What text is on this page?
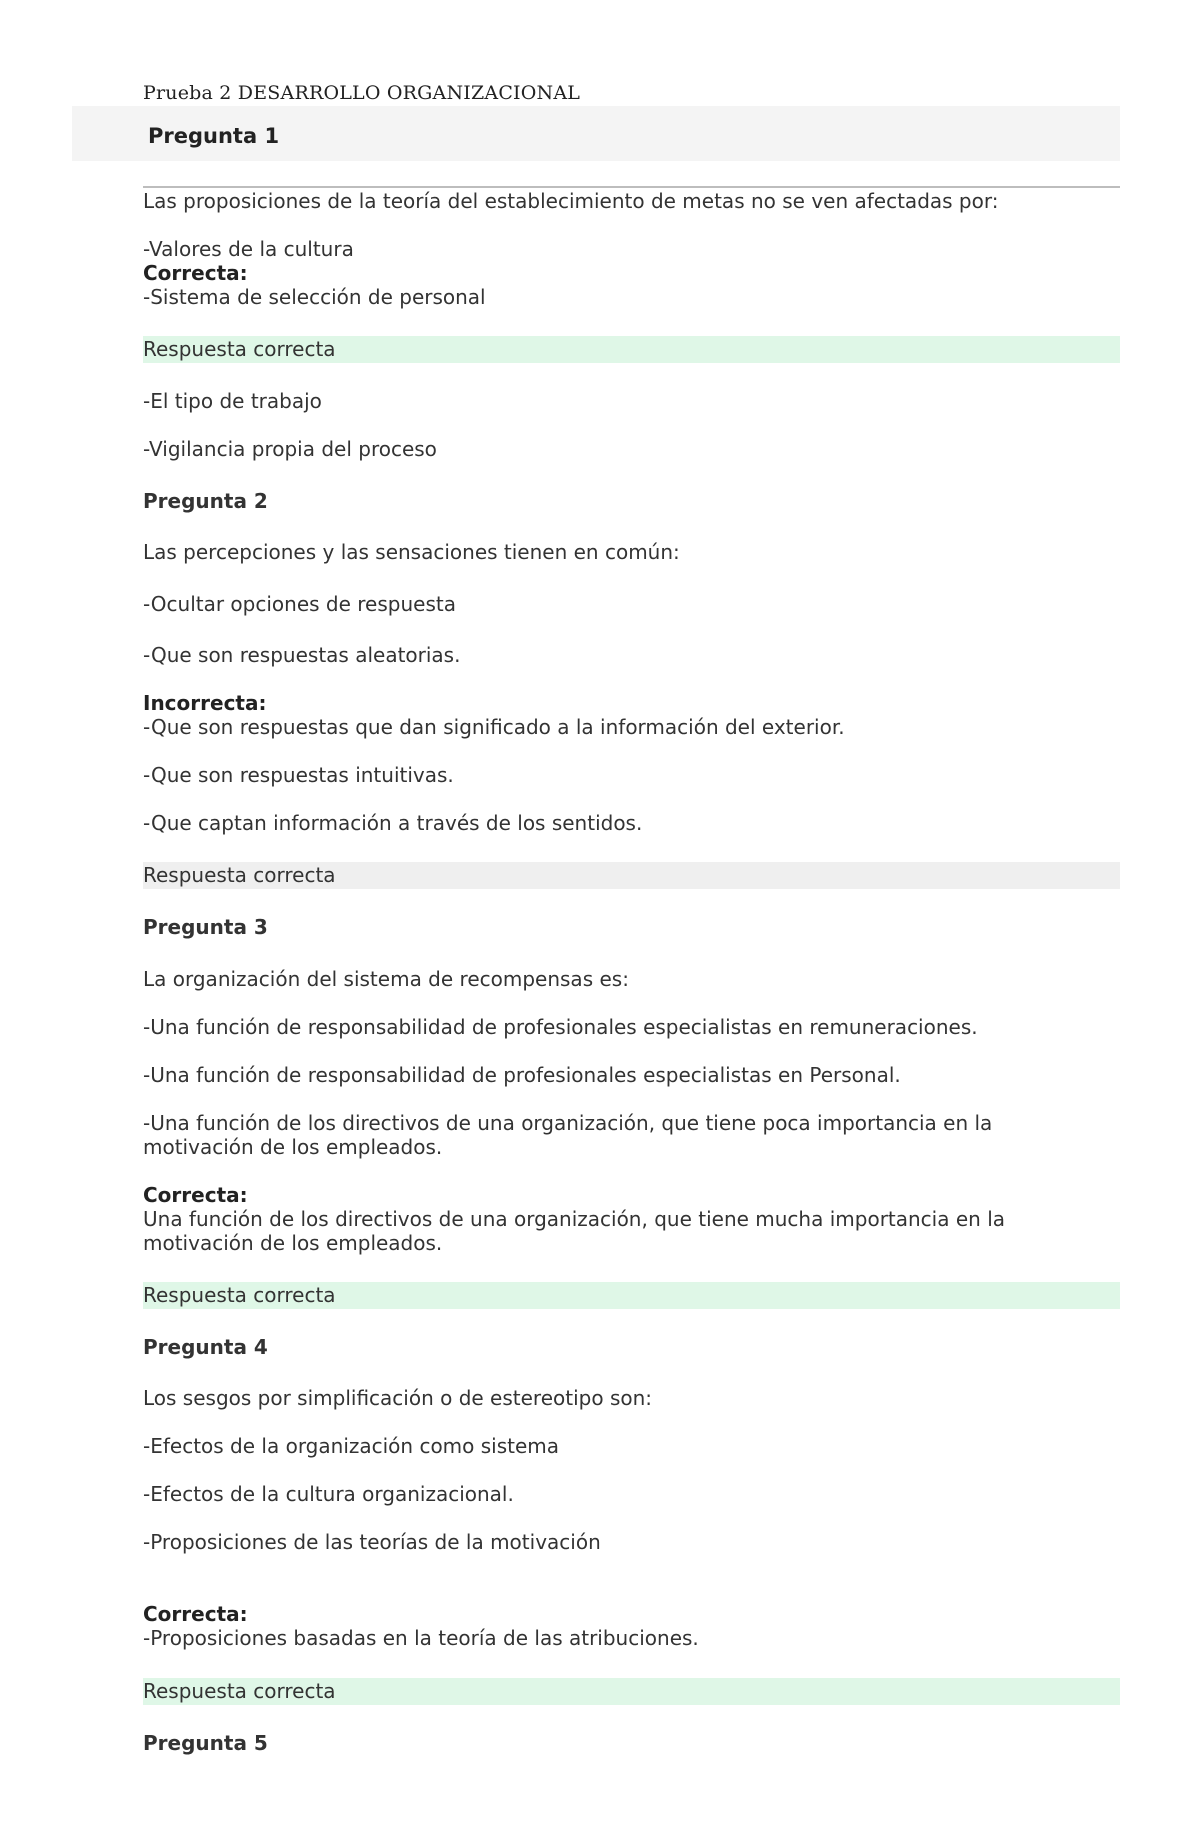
Prueba 2 DESARROLLO ORGANIZACIONAL
Pregunta 1
Las proposiciones de la teoría del establecimiento de metas no se ven afectadas por:
-Valores de la cultura
Correcta:
-Sistema de selección de personal
Respuesta correcta
-El tipo de trabajo
-Vigilancia propia del proceso
Pregunta 2
Las percepciones y las sensaciones tienen en común:
-Ocultar opciones de respuesta
-Que son respuestas aleatorias.
Incorrecta:
-Que son respuestas que dan significado a la información del exterior.
-Que son respuestas intuitivas.
-Que captan información a través de los sentidos.
Respuesta correcta
Pregunta 3
La organización del sistema de recompensas es:
-Una función de responsabilidad de profesionales especialistas en remuneraciones.
-Una función de responsabilidad de profesionales especialistas en Personal.
-Una función de los directivos de una organización, que tiene poca importancia en la
motivación de los empleados.
Correcta:
Una función de los directivos de una organización, que tiene mucha importancia en la
motivación de los empleados.
Respuesta correcta
Pregunta 4
Los sesgos por simplificación o de estereotipo son:
-Efectos de la organización como sistema
-Efectos de la cultura organizacional.
-Proposiciones de las teorías de la motivación
Correcta:
-Proposiciones basadas en la teoría de las atribuciones.
Respuesta correcta
Pregunta 5
